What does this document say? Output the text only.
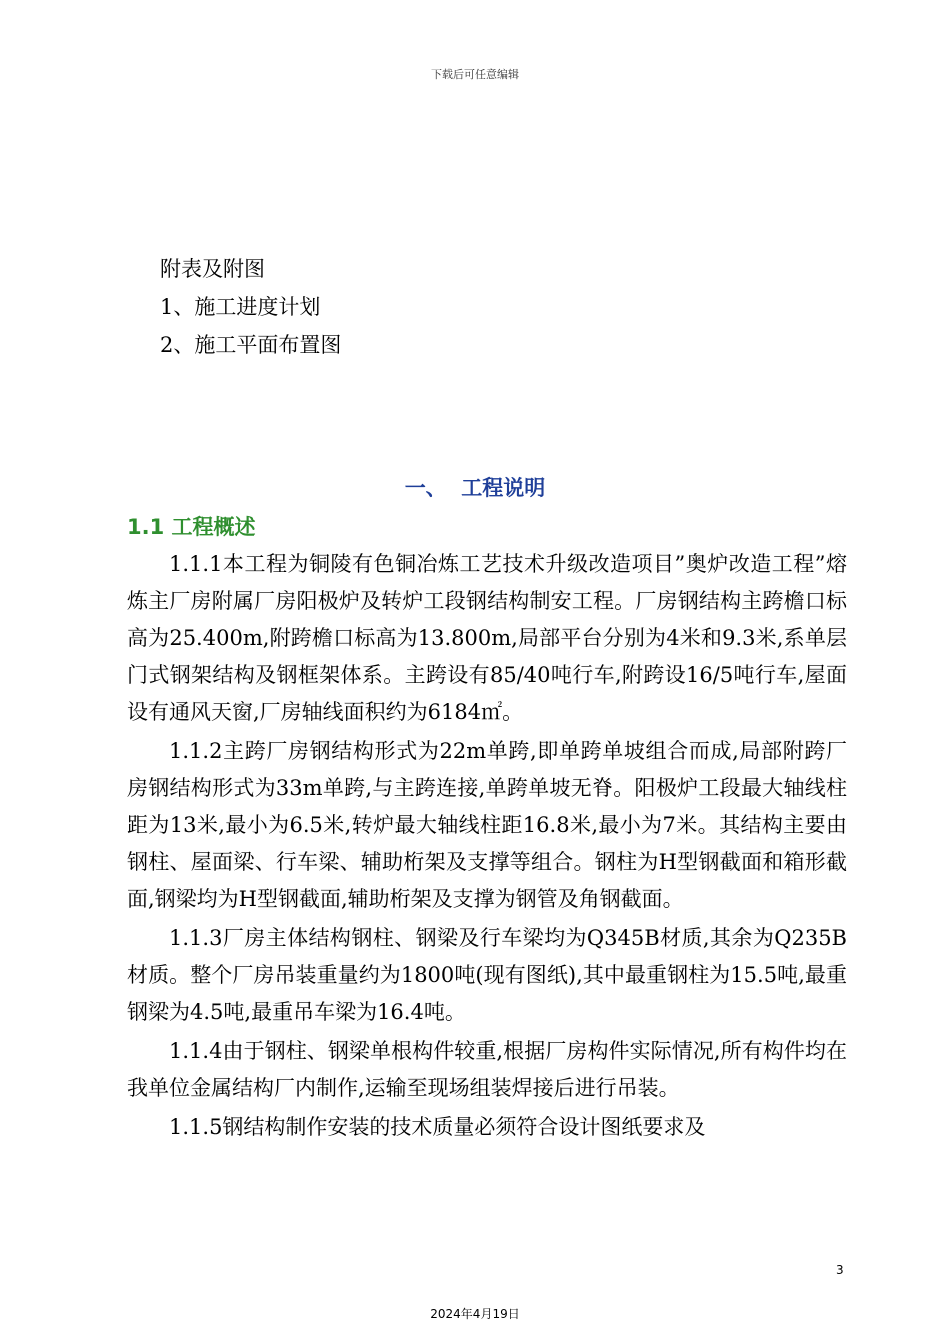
下载后可任意编辑
附表及附图
1、施工进度计划
2、施工平面布置图
一、  工程说明
1.1 工程概述

1.1.1本工程为铜陵有色铜冶炼工艺技术升级改造项目”奥炉改造工程”熔炼主厂房附属厂房阳极炉及转炉工段钢结构制安工程。厂房钢结构主跨檐口标高为25.400m,附跨檐口标高为13.800m,局部平台分别为4米和9.3米,系单层门式钢架结构及钢框架体系。主跨设有85/40吨行车,附跨设16/5吨行车,屋面设有通风天窗,厂房轴线面积约为6184㎡。

1.1.2主跨厂房钢结构形式为22m单跨,即单跨单坡组合而成,局部附跨厂房钢结构形式为33m单跨,与主跨连接,单跨单坡无脊。阳极炉工段最大轴线柱距为13米,最小为6.5米,转炉最大轴线柱距16.8米,最小为7米。其结构主要由钢柱、屋面梁、行车梁、辅助桁架及支撑等组合。钢柱为H型钢截面和箱形截面,钢梁均为H型钢截面,辅助桁架及支撑为钢管及角钢截面。

1.1.3厂房主体结构钢柱、钢梁及行车梁均为Q345B材质,其余为Q235B材质。整个厂房吊装重量约为1800吨(现有图纸),其中最重钢柱为15.5吨,最重钢梁为4.5吨,最重吊车梁为16.4吨。

1.1.4由于钢柱、钢梁单根构件较重,根据厂房构件实际情况,所有构件均在我单位金属结构厂内制作,运输至现场组装焊接后进行吊装。

1.1.5钢结构制作安装的技术质量必须符合设计图纸要求及

3
2024年4月19日
